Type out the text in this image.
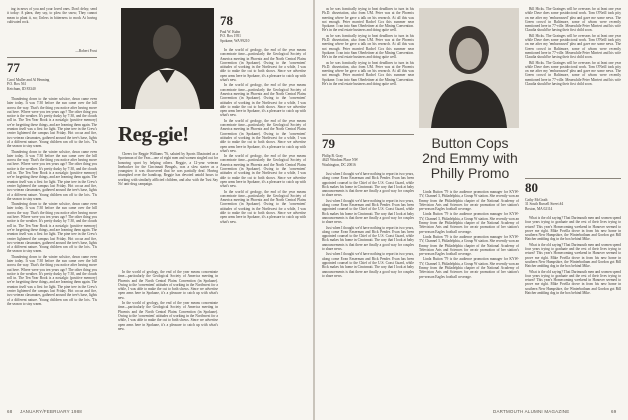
ing in news of you and your loved ones. Don't delay; send it today: A plaea, they say, to plow the snow; They cannot mean to plant it, no; Unless in bitterness to mock At having cultivated rock.

—Robert Frost
77
Carol Muller and Al Henning
P.O. Box 561
Ketchum, ID 83340

Thundering down to the winter solstice, dawn came even later today. It was 7:30 before the sun came over the hill across the way. That's the thing you notice after having move out here. Where were you ten years ago? The other thing you notice is the weather. It's pretty dusky by 7:30, and the clouds roll in. The Ten Year Book is a nostalgic (positive memory) we're forgetting these things, and are learning them again. The reunion itself was a first for light. The pine tree in the Crew's center lightened the campus last Friday. Hot cocoa and fire, two veteran classmates, gathered around the tree's base, lights of a different nature. Young children ran off to the lots. 'Tis the season to stay warm.

Thundering down to the winter solstice, dawn came even later today. It was 7:30 before the sun came over the hill across the way. That's the thing you notice after having move out here. Where were you ten years ago? The other thing you notice is the weather. It's pretty dusky by 7:30, and the clouds roll in. The Ten Year Book is a nostalgic (positive memory) we're forgetting these things, and are learning them again. The reunion itself was a first for light. The pine tree in the Crew's center lightened the campus last Friday. Hot cocoa and fire, two veteran classmates, gathered around the tree's base, lights of a different nature. Young children ran off to the lots. 'Tis the season to stay warm.

Thundering down to the winter solstice, dawn came even later today. It was 7:30 before the sun came over the hill across the way. That's the thing you notice after having move out here. Where were you ten years ago? The other thing you notice is the weather. It's pretty dusky by 7:30, and the clouds roll in. The Ten Year Book is a nostalgic (positive memory) we're forgetting these things, and are learning them again. The reunion itself was a first for light. The pine tree in the Crew's center lightened the campus last Friday. Hot cocoa and fire, two veteran classmates, gathered around the tree's base, lights of a different nature. Young children ran off to the lots. 'Tis the season to stay warm.

Thundering down to the winter solstice, dawn came even later today. It was 7:30 before the sun came over the hill across the way. That's the thing you notice after having move out here. Where were you ten years ago? The other thing you notice is the weather. It's pretty dusky by 7:30, and the clouds roll in. The Ten Year Book is a nostalgic (positive memory) we're forgetting these things, and are learning them again. The reunion itself was a first for light. The pine tree in the Crew's center lightened the campus last Friday. Hot cocoa and fire, two veteran classmates, gathered around the tree's base, lights of a different nature. Young children ran off to the lots. 'Tis the season to stay warm.

Reg-gie!

Cheers for Reggie Williams '76, saluted by Sports Illustrated as a Sportsman of the Year—one of eight men and women singled out for honoring sport by helping others. Reggie, a 12-year veteran linebacker for the Cincinnati Bengals, was a slow starter as a youngster; it was discovered that he was partially deaf. Having triumphed over the handicap, Reggie has devoted untold hours to working with similarly afflicted children, and also with the 'Just Say No' anti-drug campaign.

78
Paul W. Kuhn
P.O. Box 1951
Spokane, WA 99210

In the world of geology, the end of the year means concentrate time—particularly the Geological Society of America meeting in Phoenix and the North Central Plains Convention (in Spokane). Owing to the 'convenient' attitudes of working in the Northwest for a while, I was able to make the cut to both shows. Since we advertise open arms here in Spokane, it's a pleasure to catch up with what's new.

In the world of geology, the end of the year means concentrate time—particularly the Geological Society of America meeting in Phoenix and the North Central Plains Convention (in Spokane). Owing to the 'convenient' attitudes of working in the Northwest for a while, I was able to make the cut to both shows. Since we advertise open arms here in Spokane, it's a pleasure to catch up with what's new.

In the world of geology, the end of the year means concentrate time—particularly the Geological Society of America meeting in Phoenix and the North Central Plains Convention (in Spokane). Owing to the 'convenient' attitudes of working in the Northwest for a while, I was able to make the cut to both shows. Since we advertise open arms here in Spokane, it's a pleasure to catch up with what's new.

In the world of geology, the end of the year means concentrate time—particularly the Geological Society of America meeting in Phoenix and the North Central Plains Convention (in Spokane). Owing to the 'convenient' attitudes of working in the Northwest for a while, I was able to make the cut to both shows. Since we advertise open arms here in Spokane, it's a pleasure to catch up with what's new.

In the world of geology, the end of the year means concentrate time—particularly the Geological Society of America meeting in Phoenix and the North Central Plains Convention (in Spokane). Owing to the 'convenient' attitudes of working in the Northwest for a while, I was able to make the cut to both shows. Since we advertise open arms here in Spokane, it's a pleasure to catch up with what's new.

In the world of geology, the end of the year means concentrate time—particularly the Geological Society of America meeting in Phoenix and the North Central Plains Convention (in Spokane). Owing to the 'convenient' attitudes of working in the Northwest for a while, I was able to make the cut to both shows. Since we advertise open arms here in Spokane, it's a pleasure to catch up with what's new.

In the world of geology, the end of the year means concentrate time—particularly the Geological Society of America meeting in Phoenix and the North Central Plains Convention (in Spokane). Owing to the 'convenient' attitudes of working in the Northwest for a while, I was able to make the cut to both shows. Since we advertise open arms here in Spokane, it's a pleasure to catch up with what's new.

68 JANUARY/FEBRUARY 1988

as he was frantically trying to beat deadlines to turn in his Ph.D. dissertation, also from UM. Peter was at the Phoenix meeting where he gave a talk on his research. At all this was not enough. Peter married Rachel Cox this summer near Spokane. I ran into Sam Oberleitner at the Mining Convention. He's in the real estate business and doing quite well.

as he was frantically trying to beat deadlines to turn in his Ph.D. dissertation, also from UM. Peter was at the Phoenix meeting where he gave a talk on his research. At all this was not enough. Peter married Rachel Cox this summer near Spokane. I ran into Sam Oberleitner at the Mining Convention. He's in the real estate business and doing quite well.

as he was frantically trying to beat deadlines to turn in his Ph.D. dissertation, also from UM. Peter was at the Phoenix meeting where he gave a talk on his research. At all this was not enough. Peter married Rachel Cox this summer near Spokane. I ran into Sam Oberleitner at the Mining Convention. He's in the real estate business and doing quite well.

79
Philip B. Gray
4625 Windom Place NW
Washington, DC 20016

Just when I thought we'd have nothing to report in two years, along come Evan Enserman and Rick Pender. Evan has been appointed counsel to the Chief of the U.S. Coast Guard, while Rick makes his home in Cincinnati. The way that I look at baby announcements is that there are finally a good way for couples to share news.

Just when I thought we'd have nothing to report in two years, along come Evan Enserman and Rick Pender. Evan has been appointed counsel to the Chief of the U.S. Coast Guard, while Rick makes his home in Cincinnati. The way that I look at baby announcements is that there are finally a good way for couples to share news.

Just when I thought we'd have nothing to report in two years, along come Evan Enserman and Rick Pender. Evan has been appointed counsel to the Chief of the U.S. Coast Guard, while Rick makes his home in Cincinnati. The way that I look at baby announcements is that there are finally a good way for couples to share news.

Just when I thought we'd have nothing to report in two years, along come Evan Enserman and Rick Pender. Evan has been appointed counsel to the Chief of the U.S. Coast Guard, while Rick makes his home in Cincinnati. The way that I look at baby announcements is that there are finally a good way for couples to share news.

Button Cops 2nd Emmy with Philly Promo

Linda Button '79 is the audience promotion manager for KYW-TV, Channel 3, Philadelphia, a Group W station. She recently won an Emmy from the Philadelphia chapter of the National Academy of Television Arts and Sciences for on-air promotion of her station's pre-season Eagles football coverage.

Linda Button '79 is the audience promotion manager for KYW-TV, Channel 3, Philadelphia, a Group W station. She recently won an Emmy from the Philadelphia chapter of the National Academy of Television Arts and Sciences for on-air promotion of her station's pre-season Eagles football coverage.

Linda Button '79 is the audience promotion manager for KYW-TV, Channel 3, Philadelphia, a Group W station. She recently won an Emmy from the Philadelphia chapter of the National Academy of Television Arts and Sciences for on-air promotion of her station's pre-season Eagles football coverage.

Linda Button '79 is the audience promotion manager for KYW-TV, Channel 3, Philadelphia, a Group W station. She recently won an Emmy from the Philadelphia chapter of the National Academy of Television Arts and Sciences for on-air promotion of her station's pre-season Eagles football coverage.

Bill Hicks. The Grainges will be overseas for at least one year while Dave does some postdoctoral work. Tom O'Neill took pity on me after my 'embarrassed' plea and gave me some news. The Green crowd in Baltimore, some of whom were recently mentioned here in 77-ville. Meanwhile Peter Mirrieri and his wife Claudia should be having their first child soon.

Bill Hicks. The Grainges will be overseas for at least one year while Dave does some postdoctoral work. Tom O'Neill took pity on me after my 'embarrassed' plea and gave me some news. The Green crowd in Baltimore, some of whom were recently mentioned here in 77-ville. Meanwhile Peter Mirrieri and his wife Claudia should be having their first child soon.

Bill Hicks. The Grainges will be overseas for at least one year while Dave does some postdoctoral work. Tom O'Neill took pity on me after my 'embarrassed' plea and gave me some news. The Green crowd in Baltimore, some of whom were recently mentioned here in 77-ville. Meanwhile Peter Mirrieri and his wife Claudia should be having their first child soon.

80
Cathy McGrath
31 South Russell Street #4
Boston, MA 02114

What is the old saying? That Dartmouth men and women spend four years trying to graduate and the rest of their lives trying to return? This year's Homecoming weekend in Hanover seemed to prove me right. Mike Povilla drove in from his new home in southern New Hampshire, the Winterbotham and Gordon got Bill Hatcher ambling dog in the box behind Mike.

What is the old saying? That Dartmouth men and women spend four years trying to graduate and the rest of their lives trying to return? This year's Homecoming weekend in Hanover seemed to prove me right. Mike Povilla drove in from his new home in southern New Hampshire, the Winterbotham and Gordon got Bill Hatcher ambling dog in the box behind Mike.

What is the old saying? That Dartmouth men and women spend four years trying to graduate and the rest of their lives trying to return? This year's Homecoming weekend in Hanover seemed to prove me right. Mike Povilla drove in from his new home in southern New Hampshire, the Winterbotham and Gordon got Bill Hatcher ambling dog in the box behind Mike.

DARTMOUTH ALUMNI MAGAZINE	69
